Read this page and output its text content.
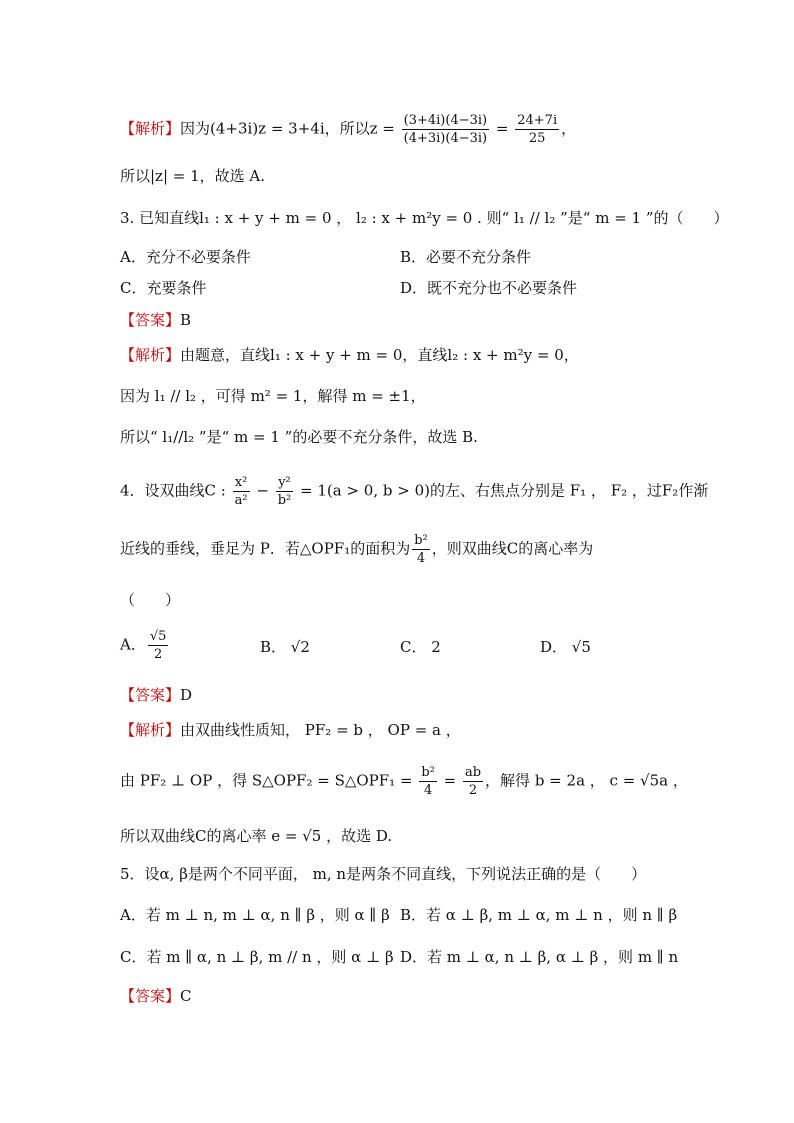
【解析】因为(4+3i)z = 3+4i，所以$z = \frac{(3+4i)(4-3i)}{(4+3i)(4-3i)} = \frac{24+7i}{25}$ ，
所以|z| = 1，故选 A.
3. 已知直线l₁ : x + y + m = 0 ， l₂ : x + m²y = 0 . 则“ l₁ // l₂ ”是“ m = 1 ”的（　　）
A．充分不必要条件	B．必要不充分条件
C．充要条件	D．既不充分也不必要条件
【答案】B
【解析】由题意，直线l₁ : x + y + m = 0，直线l₂ : x + m²y = 0，
因为 l₁ // l₂ ，可得 m² = 1，解得 m = ±1，
所以“ l₁//l₂ ”是“ m = 1 ”的必要不充分条件，故选 B.
4．设双曲线C : $\frac{\text{x²}}{\text{a²}} - \frac{\text{y²}}{\text{b²}} = 1(a > 0$, b > 0)的左、右焦点分别是 F₁ ， F₂ ，过F₂作渐
近线的垂线，垂足为 P．若△OPF₁的面积为 $\frac{\text{b²}}{4}$ ，则双曲线C的离心率为
（　　）
A． $\frac{√5}{2}$	B． √2	C． 2	D． √5
【答案】D
【解析】由双曲线性质知， PF₂ = b ， OP = a ，
由 PF₂ ⊥ OP ，得 S△OPF₂ = S△OPF₁ = $\frac{\text{b²}}{4} = \frac{ab}{2}$ ，解得 b = 2a ， c = √5a ，
所以双曲线C的离心率 e = √5 ，故选 D.
5．设α, β是两个不同平面， m, n是两条不同直线，下列说法正确的是（　　）
A．若 m ⊥ n, m ⊥ α, n ∥ β ，则 α ∥ β B．若 α ⊥ β, m ⊥ α, m ⊥ n ，则 n ∥ β
C．若 m ∥ α, n ⊥ β, m // n ，则 α ⊥ β D．若 m ⊥ α, n ⊥ β, α ⊥ β ，则 m ∥ n
【答案】C
